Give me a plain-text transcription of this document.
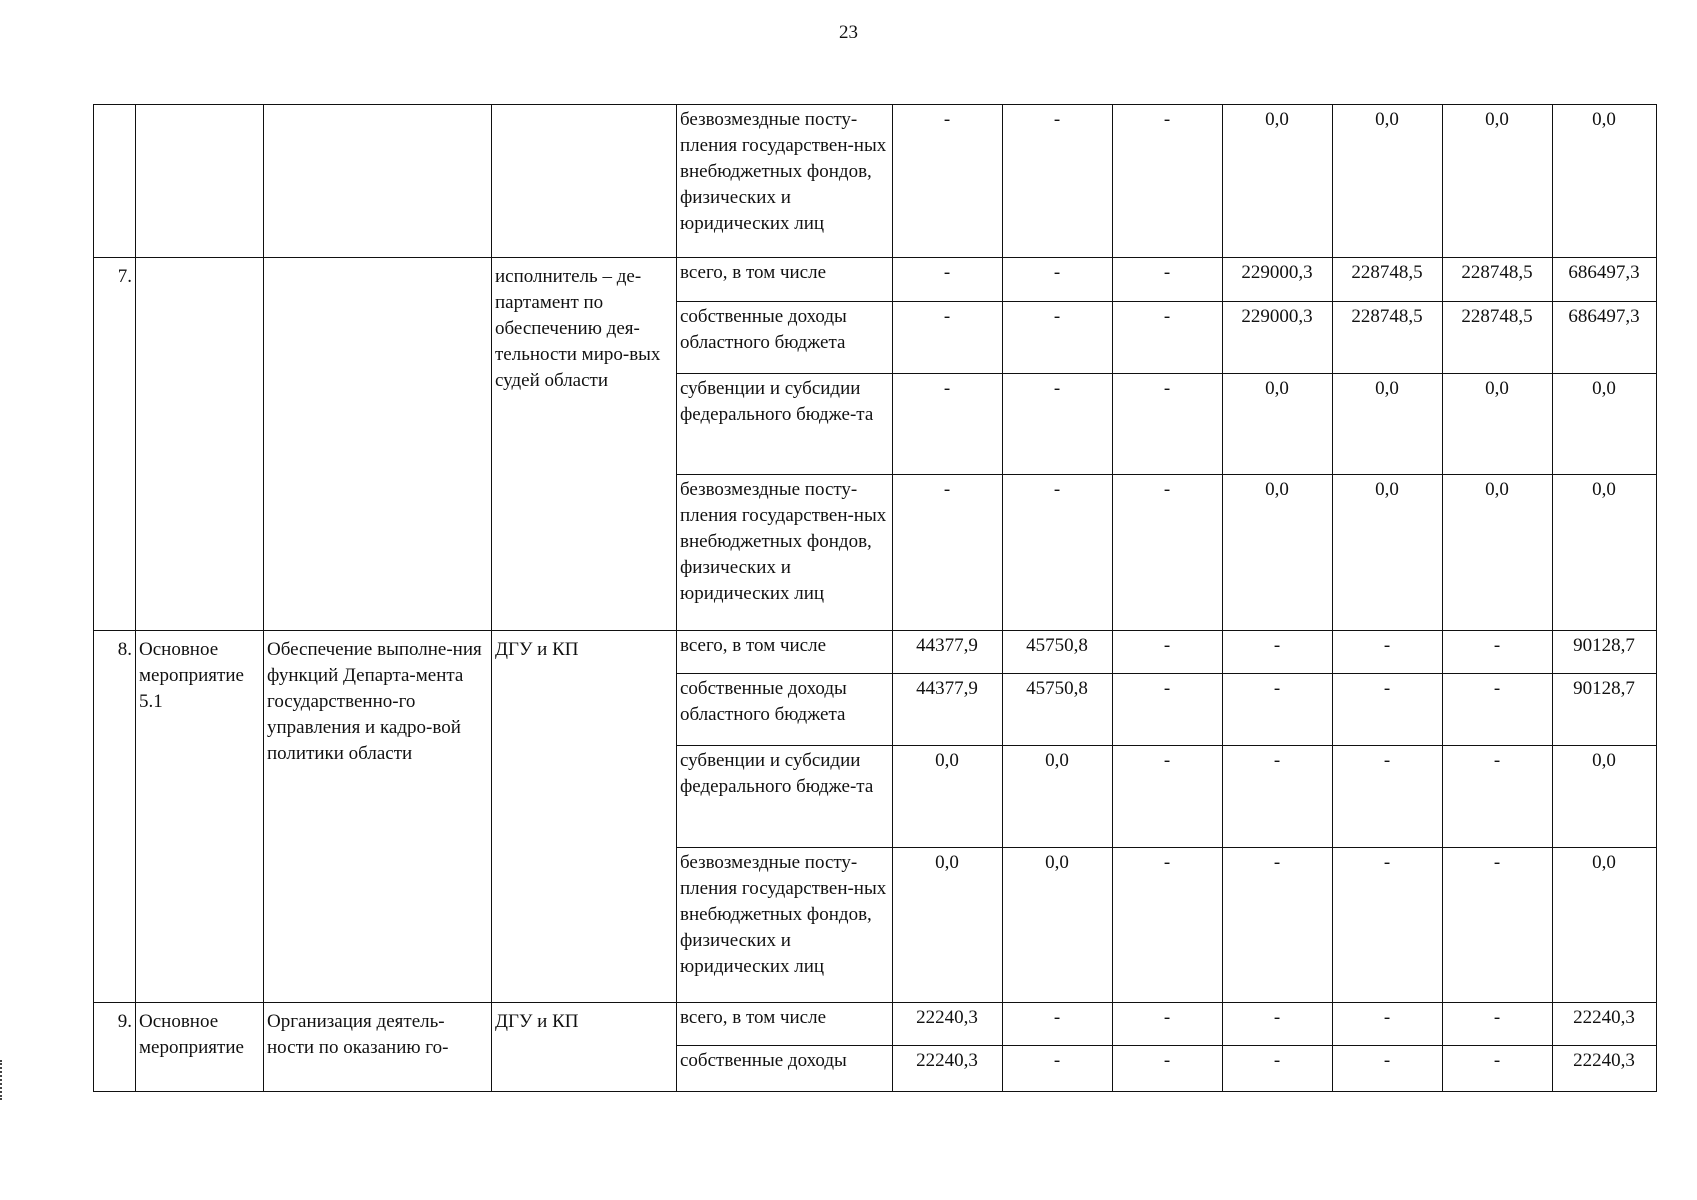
23
				безвозмездные посту-пления государствен-ных внебюджетных фондов, физических и юридических лиц	-	-	-	0,0	0,0	0,0	0,0
7.			исполнитель – де-партамент по обеспечению дея-тельности миро-вых судей области	всего, в том числе	-	-	-	229000,3	228748,5	228748,5	686497,3
				собственные доходы областного бюджета	-	-	-	229000,3	228748,5	228748,5	686497,3
				субвенции и субсидии федерального бюдже-та	-	-	-	0,0	0,0	0,0	0,0
				безвозмездные посту-пления государствен-ных внебюджетных фондов, физических и юридических лиц	-	-	-	0,0	0,0	0,0	0,0
8.	Основное мероприятие 5.1	Обеспечение выполне-ния функций Департа-мента государственно-го управления и кадро-вой политики области	ДГУ и КП	всего, в том числе	44377,9	45750,8	-	-	-	-	90128,7
				собственные доходы областного бюджета	44377,9	45750,8	-	-	-	-	90128,7
				субвенции и субсидии федерального бюдже-та	0,0	0,0	-	-	-	-	0,0
				безвозмездные посту-пления государствен-ных внебюджетных фондов, физических и юридических лиц	0,0	0,0	-	-	-	-	0,0
9.	Основное мероприятие	Организация деятель-ности по оказанию го-	ДГУ и КП	всего, в том числе	22240,3	-	-	-	-	-	22240,3
				собственные доходы	22240,3	-	-	-	-	-	22240,3
